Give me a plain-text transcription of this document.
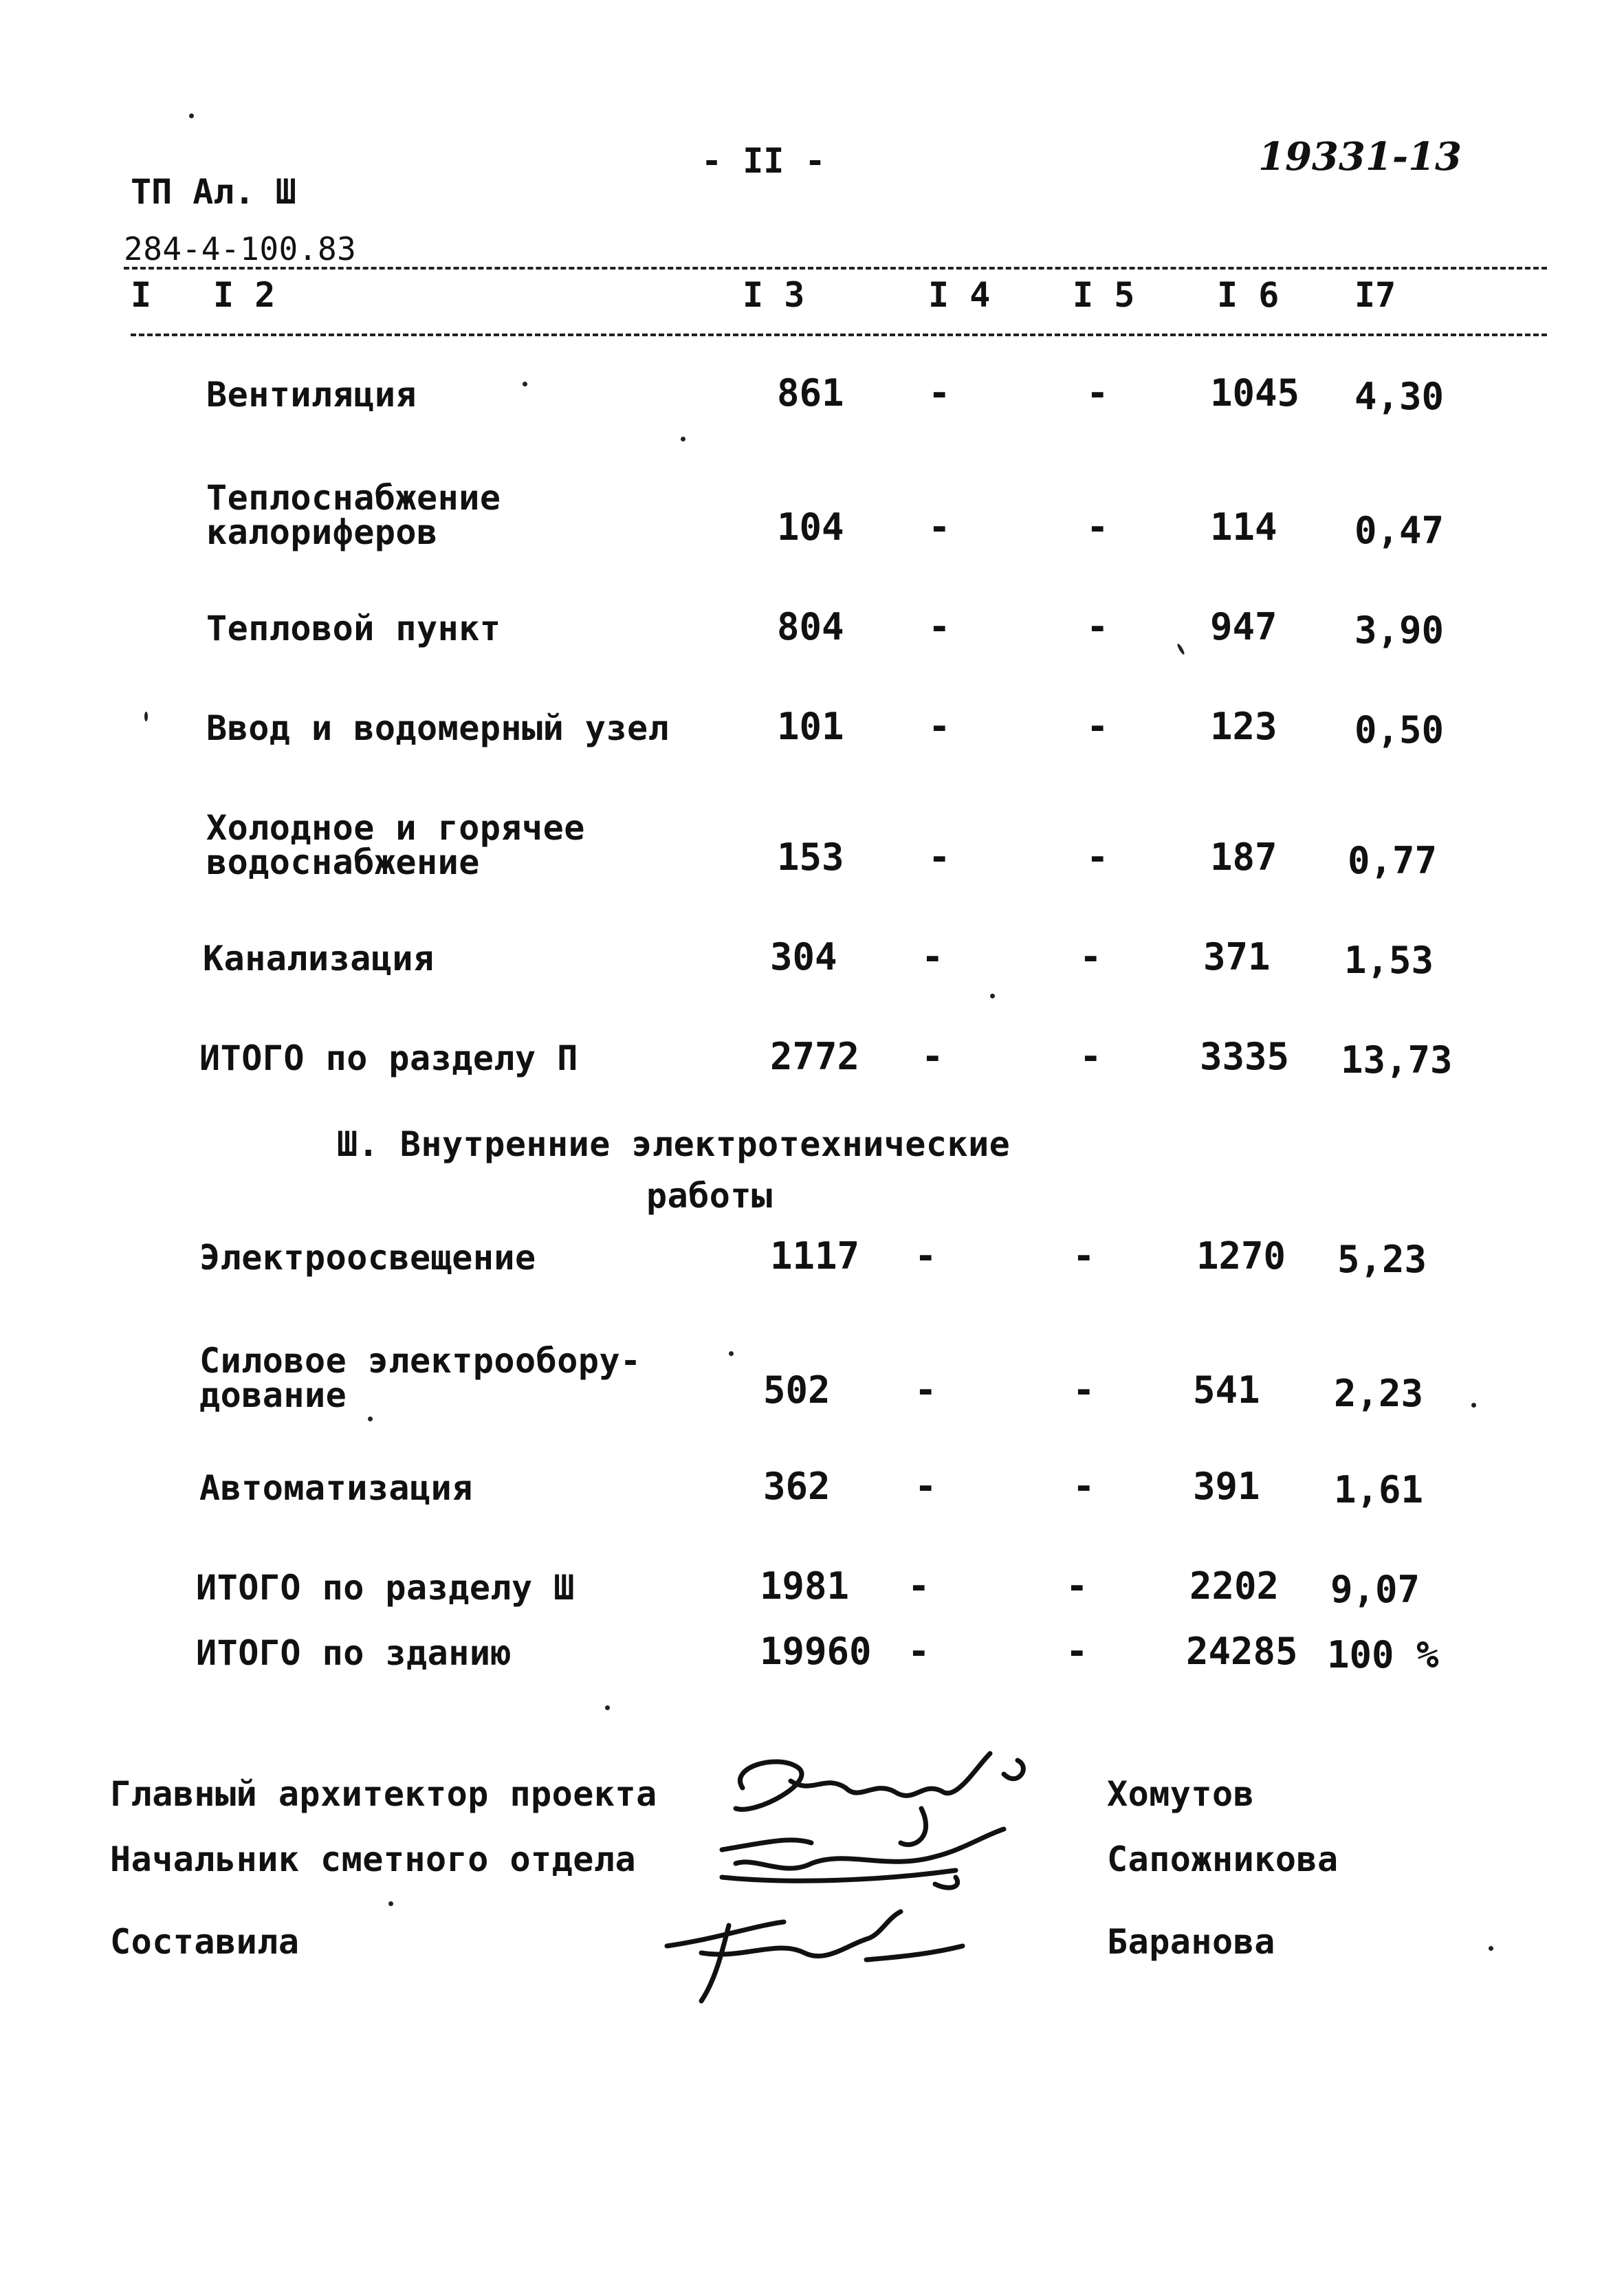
ТП Ал. Ш
- II -	19331-13
284-4-100.83
I I 2	I 3	I 4 I 5 I 6 I7
Вентиляция	861 -	-	1045 4,30
Теплоснабжение
калориферов	104 -	-	114 0,47
Тепловой пункт	804 -	-	947 3,90
Ввод и водомерный узел	101 -	-	123 0,50
Холодное и горячее
водоснабжение	153 -	-	187 0,77
Канализация	304 -	-	371 1,53
ИТОГО по разделу П	2772 -	-	3335 13,73
Ш. Внутренние электротехнические
работы
Электроосвещение	1117 -	-	1270 5,23
Силовое электрообору-
дование	502 -	-	541 2,23
Автоматизация	362 -	-	391 1,61
ИТОГО по разделу Ш	1981 -	-	2202 9,07
ИТОГО по зданию	19960 -	-	24285 100 %
Главный архитектор проекта	Хомутов
Начальник сметного отдела	Сапожникова
Составила	Баранова
